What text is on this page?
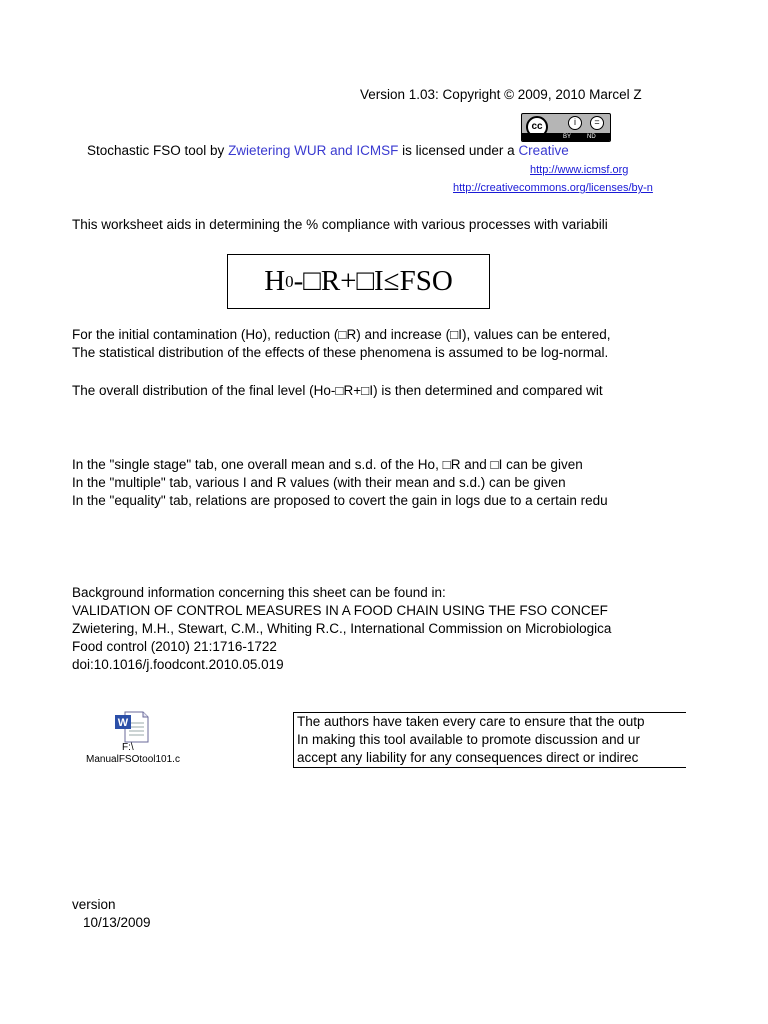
Version 1.03: Copyright © 2009, 2010 Marcel Z
cc	i	=
BY	ND
Stochastic FSO tool by Zwietering WUR and ICMSF is licensed under a Creative
http://www.icmsf.org
http://creativecommons.org/licenses/by-n
This worksheet aids in determining the % compliance with various processes with variabili
H 0 -□R+□I≤FSO
For the initial contamination (Ho), reduction (□R) and increase (□I), values can be entered,
The statistical distribution of the effects of these phenomena is assumed to be log-normal.
The overall distribution of the final level (Ho-□R+□I) is then determined and compared wit
In the "single stage" tab, one overall mean and s.d. of the Ho, □R and □I can be given
In the "multiple" tab, various I and R values (with their mean and s.d.) can be given
In the "equality" tab, relations are proposed to covert the gain in logs due to a certain redu
Background information concerning this sheet can be found in:
VALIDATION OF CONTROL MEASURES IN A FOOD CHAIN USING THE FSO CONCEF
Zwietering, M.H., Stewart, C.M., Whiting R.C., International Commission on Microbiologica
Food control (2010) 21:1716-1722
doi:10.1016/j.foodcont.2010.05.019
W
F:\
ManualFSOtool101.c
The authors have taken every care to ensure that the outp
In making this tool available to promote discussion and ur
accept any liability for any consequences direct or indirec
version
10/13/2009
